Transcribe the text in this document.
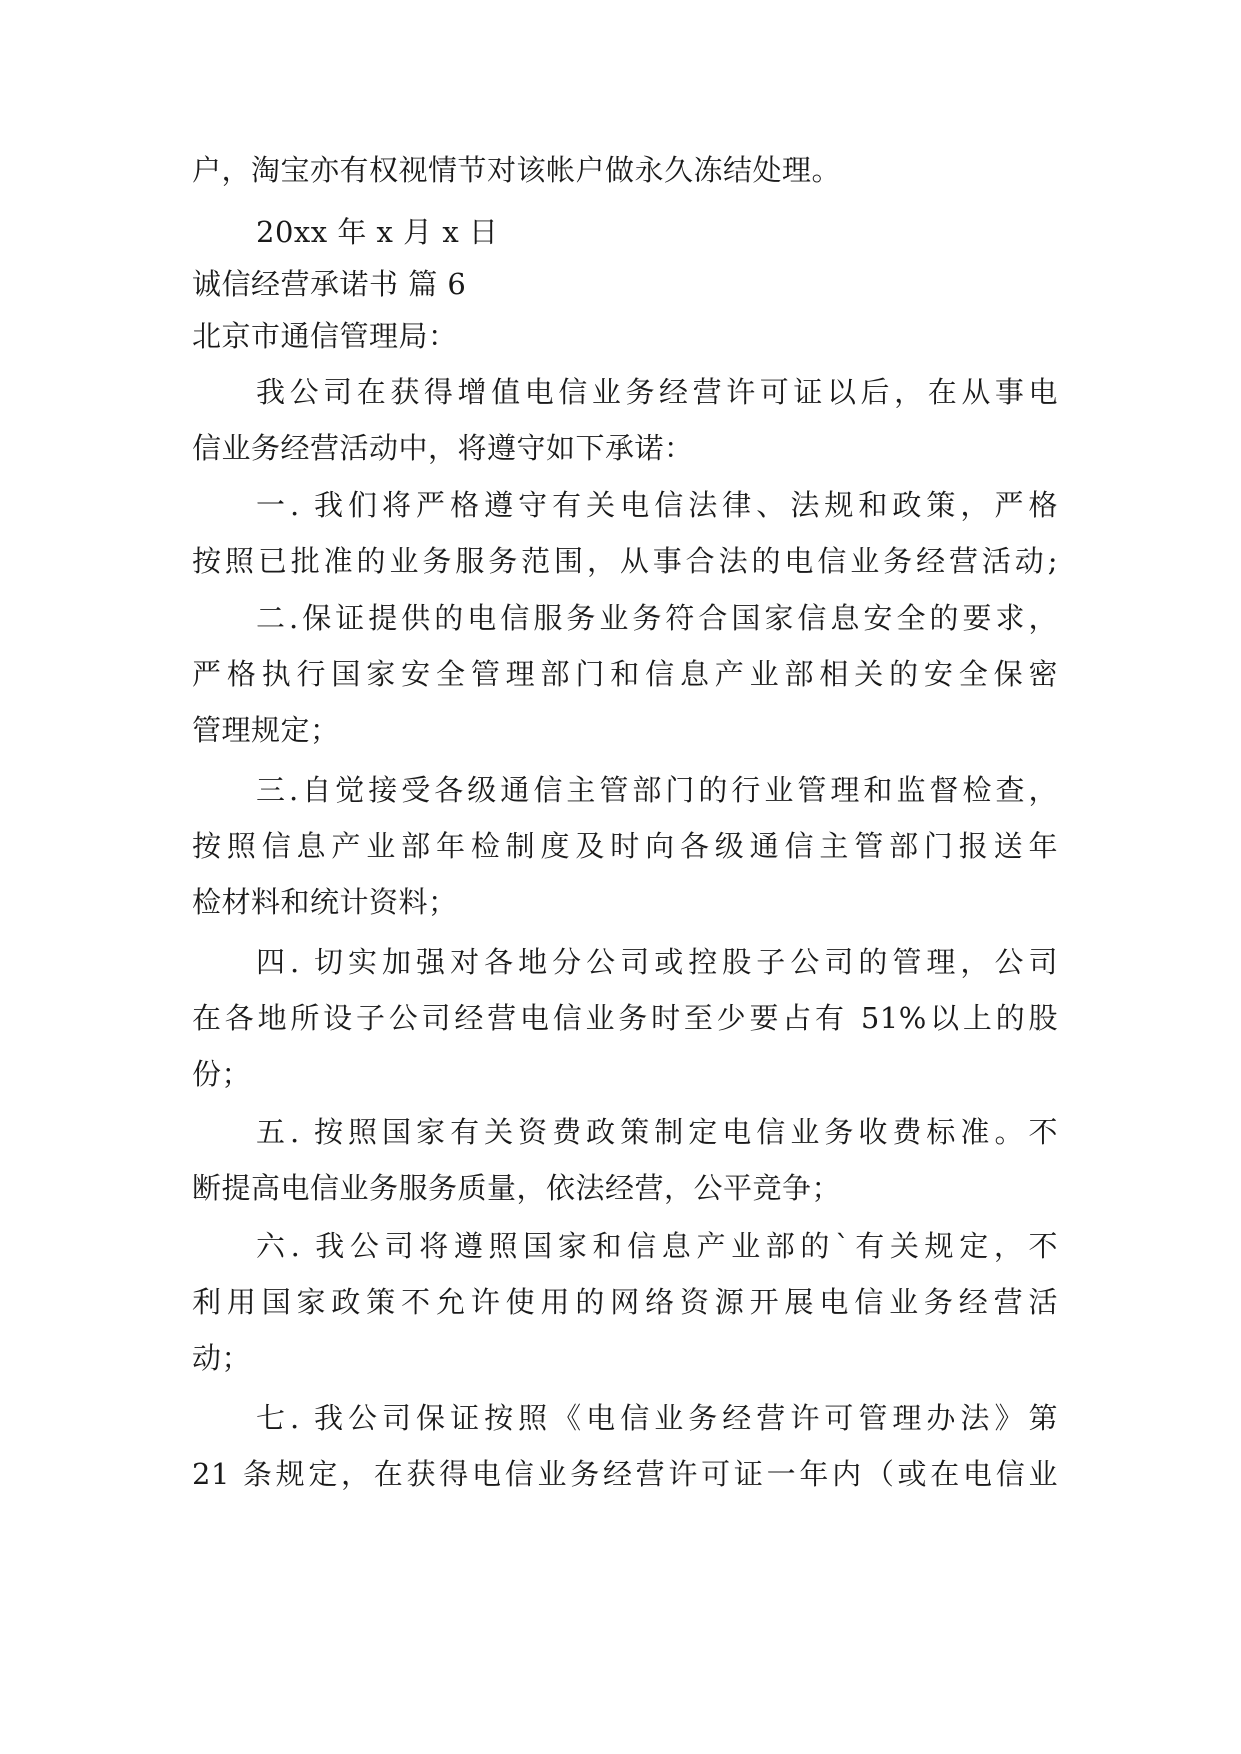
户，淘宝亦有权视情节对该帐户做永久冻结处理。
20xx 年 x 月 x 日
诚信经营承诺书 篇 6
北京市通信管理局：
我公司在获得增值电信业务经营许可证以后，在从事电
信业务经营活动中，将遵守如下承诺：
一. 我们将严格遵守有关电信法律、法规和政策，严格
按照已批准的业务服务范围，从事合法的电信业务经营活动;
二.保证提供的电信服务业务符合国家信息安全的要求，
严格执行国家安全管理部门和信息产业部相关的安全保密
管理规定；
三.自觉接受各级通信主管部门的行业管理和监督检查，
按照信息产业部年检制度及时向各级通信主管部门报送年
检材料和统计资料；
四. 切实加强对各地分公司或控股子公司的管理，公司
在各地所设子公司经营电信业务时至少要占有 51%以上的股
份；
五. 按照国家有关资费政策制定电信业务收费标准。不
断提高电信业务服务质量，依法经营，公平竞争；
六. 我公司将遵照国家和信息产业部的`有关规定，不
利用国家政策不允许使用的网络资源开展电信业务经营活
动；
七. 我公司保证按照《电信业务经营许可管理办法》第
21 条规定，在获得电信业务经营许可证一年内（或在电信业
